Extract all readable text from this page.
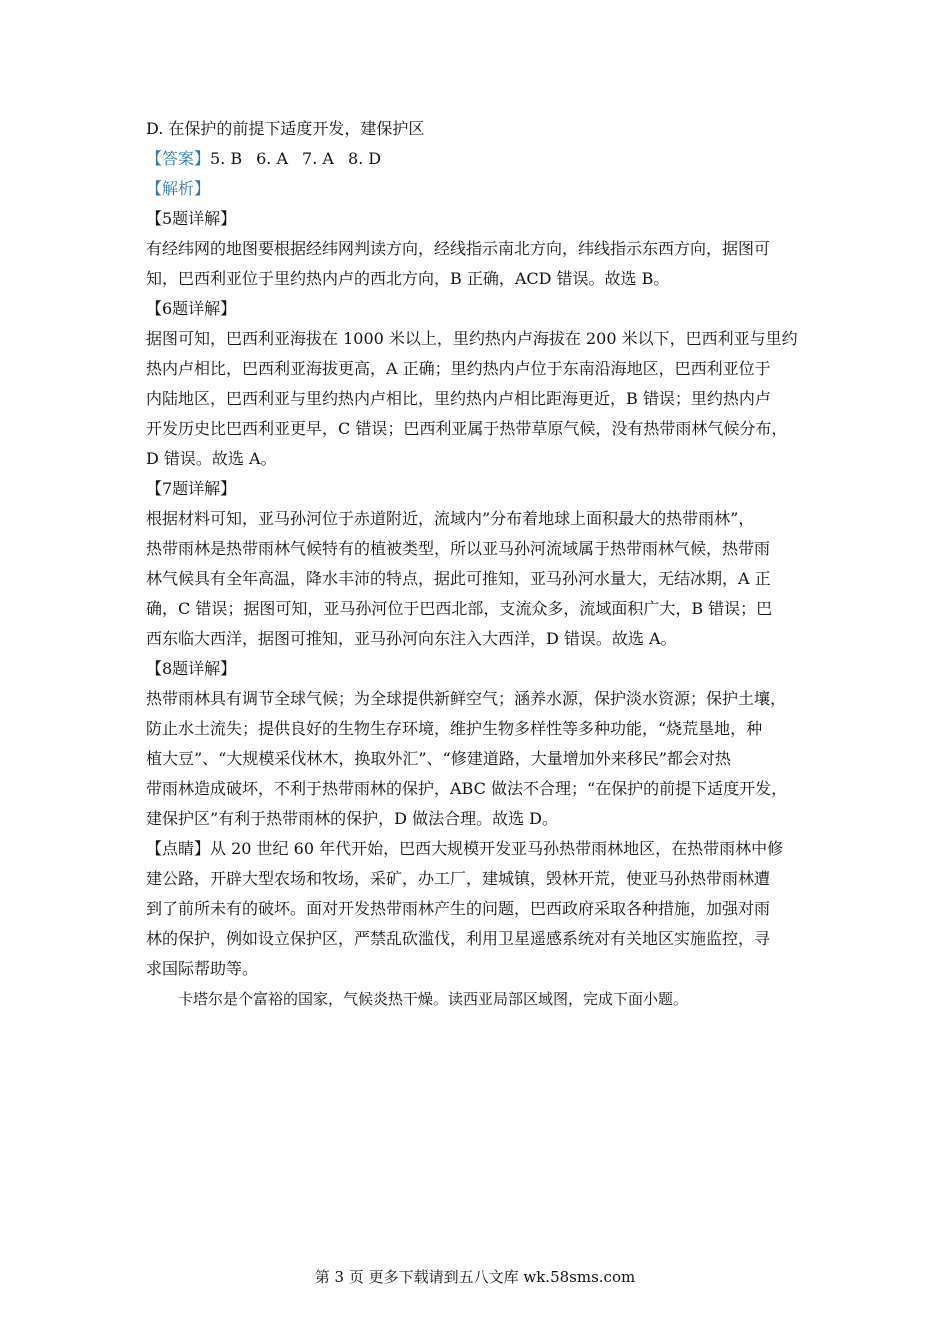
D. 在保护的前提下适度开发，建保护区
【答案】5. B 6. A 7. A 8. D
【解析】
【5题详解】
有经纬网的地图要根据经纬网判读方向，经线指示南北方向，纬线指示东西方向，据图可
知，巴西利亚位于里约热内卢的西北方向，B 正确，ACD 错误。故选 B。
【6题详解】
据图可知，巴西利亚海拔在 1000 米以上，里约热内卢海拔在 200 米以下，巴西利亚与里约
热内卢相比，巴西利亚海拔更高，A 正确；里约热内卢位于东南沿海地区，巴西利亚位于
内陆地区，巴西利亚与里约热内卢相比，里约热内卢相比距海更近，B 错误；里约热内卢
开发历史比巴西利亚更早，C 错误；巴西利亚属于热带草原气候，没有热带雨林气候分布，
D 错误。故选 A。
【7题详解】
根据材料可知，亚马孙河位于赤道附近，流域内”分布着地球上面积最大的热带雨林”，
热带雨林是热带雨林气候特有的植被类型，所以亚马孙河流域属于热带雨林气候，热带雨
林气候具有全年高温，降水丰沛的特点，据此可推知，亚马孙河水量大，无结冰期，A 正
确，C 错误；据图可知，亚马孙河位于巴西北部，支流众多，流域面积广大，B 错误；巴
西东临大西洋，据图可推知，亚马孙河向东注入大西洋，D 错误。故选 A。
【8题详解】
热带雨林具有调节全球气候；为全球提供新鲜空气；涵养水源，保护淡水资源；保护土壤，
防止水土流失；提供良好的生物生存环境，维护生物多样性等多种功能，“烧荒垦地，种
植大豆”、“大规模采伐林木，换取外汇”、“修建道路，大量增加外来移民”都会对热
带雨林造成破坏，不利于热带雨林的保护，ABC 做法不合理；“在保护的前提下适度开发，
建保护区”有利于热带雨林的保护，D 做法合理。故选 D。
【点睛】从 20 世纪 60 年代开始，巴西大规模开发亚马孙热带雨林地区，在热带雨林中修
建公路，开辟大型农场和牧场，采矿，办工厂，建城镇，毁林开荒，使亚马孙热带雨林遭
到了前所未有的破坏。面对开发热带雨林产生的问题，巴西政府采取各种措施，加强对雨
林的保护，例如设立保护区，严禁乱砍滥伐，利用卫星遥感系统对有关地区实施监控，寻
求国际帮助等。
卡塔尔是个富裕的国家，气候炎热干燥。读西亚局部区域图，完成下面小题。
第 3 页 更多下载请到五八文库 wk.58sms.com
